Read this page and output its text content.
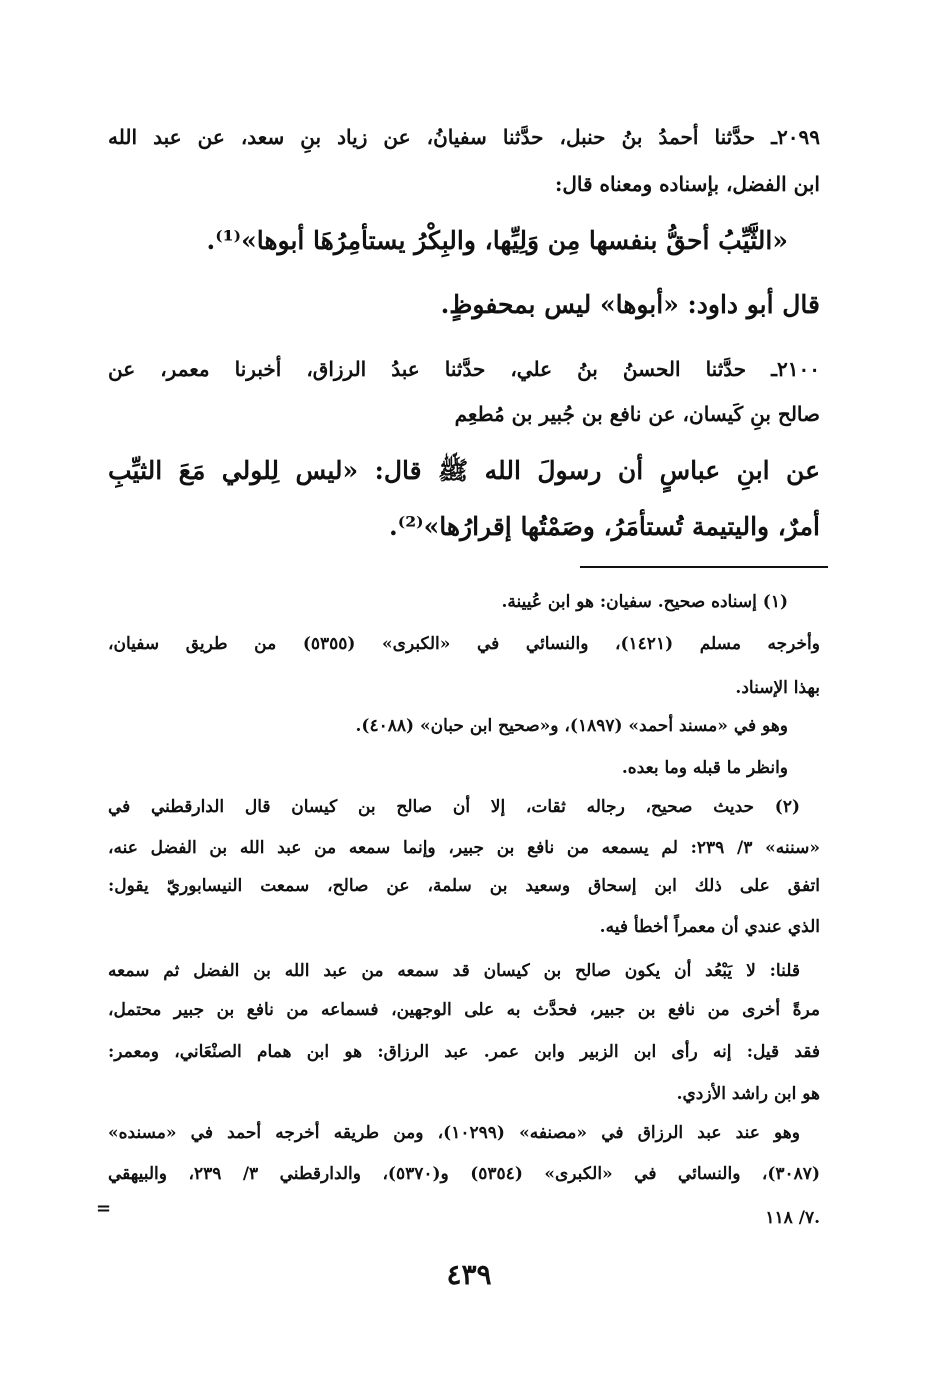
٢٠٩٩ـ حدَّثنا أحمدُ بنُ حنبل، حدَّثنا سفيانُ، عن زياد بنِ سعد، عن عبد الله
ابن الفضل، بإسناده ومعناه قال:
«الثَّيِّبُ أحقُّ بنفسها مِن وَلِيِّها، والبِكْرُ يستأمِرُهَا أبوها»⁽¹⁾.
قال أبو داود: «أبوها» ليس بمحفوظٍ.
٢١٠٠ـ حدَّثنا الحسنُ بنُ علي، حدَّثنا عبدُ الرزاق، أخبرنا معمر، عن
صالح بنِ كَيسان، عن نافع بن جُبير بن مُطعِم
عن ابنِ عباسٍ أن رسولَ الله ﷺ قال: «ليس لِلولي مَعَ الثيِّبِ
أمرٌ، واليتيمة تُستأمَرُ، وصَمْتُها إقرارُها»⁽²⁾.
(١) إسناده صحيح. سفيان: هو ابن عُيينة.
وأخرجه مسلم (١٤٢١)، والنسائي في «الكبرى» (٥٣٥٥) من طريق سفيان،
بهذا الإسناد.
وهو في «مسند أحمد» (١٨٩٧)، و«صحيح ابن حبان» (٤٠٨٨).
وانظر ما قبله وما بعده.
(٢) حديث صحيح، رجاله ثقات، إلا أن صالح بن كيسان قال الدارقطني في
«سننه» ٣/ ٢٣٩: لم يسمعه من نافع بن جبير، وإنما سمعه من عبد الله بن الفضل عنه،
اتفق على ذلك ابن إسحاق وسعيد بن سلمة، عن صالح، سمعت النيسابوريّ يقول:
الذي عندي أن معمراً أخطأ فيه.
قلنا: لا يَبْعُد أن يكون صالح بن كيسان قد سمعه من عبد الله بن الفضل ثم سمعه
مرةً أخرى من نافع بن جبير، فحدَّث به على الوجهين، فسماعه من نافع بن جبير محتمل،
فقد قيل: إنه رأى ابن الزبير وابن عمر. عبد الرزاق: هو ابن همام الصنْعَاني، ومعمر:
هو ابن راشد الأزدي.
وهو عند عبد الرزاق في «مصنفه» (١٠٢٩٩)، ومن طريقه أخرجه أحمد في «مسنده»
(٣٠٨٧)، والنسائي في «الكبرى» (٥٣٥٤) و(٥٣٧٠)، والدارقطني ٣/ ٢٣٩، والبيهقي
٧/ ١١٨.
=
٤٣٩
